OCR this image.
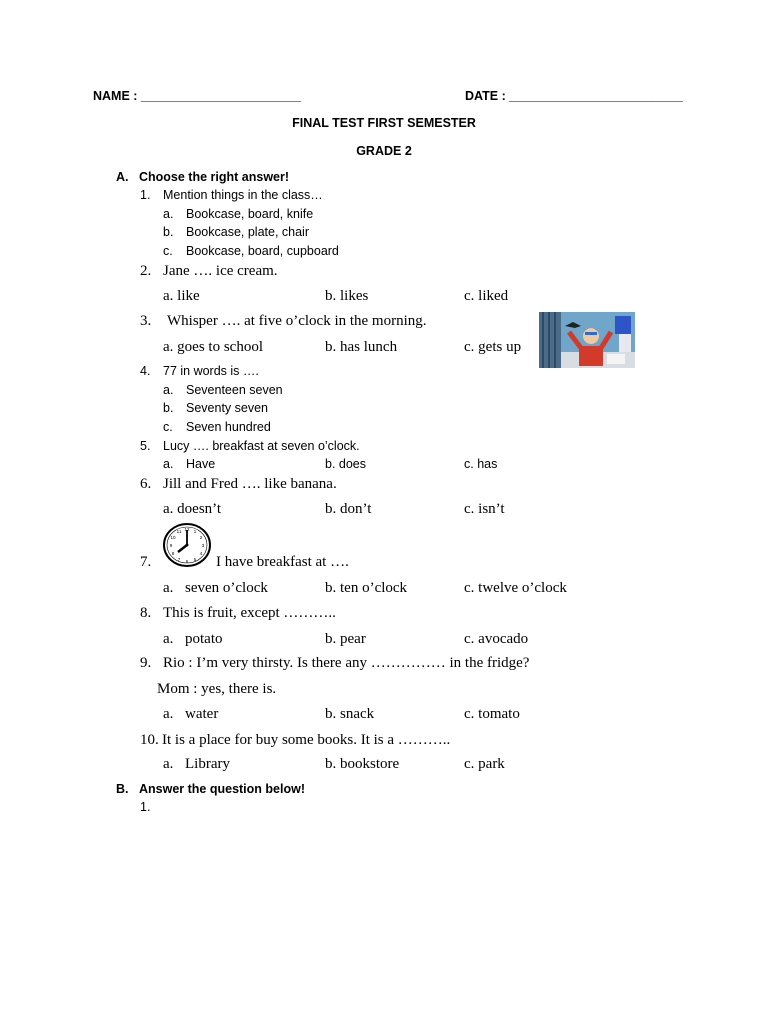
NAME : _______________________	DATE : _________________________
FINAL TEST FIRST SEMESTER
GRADE 2
A. Choose the right answer!
1. Mention things in the class…
a. Bookcase, board, knife
b. Bookcase, plate, chair
c. Bookcase, board, cupboard
2. Jane …. ice cream.
a. like	b. likes	c. liked
3. Whisper …. at five o’clock in the morning.
a. goes to school	b. has lunch	c. gets up
4. 77 in words is ….
a. Seventeen seven
b. Seventy seven
c. Seven hundred
5. Lucy …. breakfast at seven o’clock.
a. Have	b. does	c. has
6. Jill and Fred …. like banana.
a. doesn’t	b. don’t	c. isn’t
7.
12 1
2
3
4
5
6
7
8
9
10
11
I have breakfast at ….
a. seven o’clock	b. ten o’clock	c. twelve o’clock
8. This is fruit, except ………..
a. potato	b. pear	c. avocado
9. Rio : I’m very thirsty. Is there any …………… in the fridge?
Mom : yes, there is.
a. water	b. snack	c. tomato
10. It is a place for buy some books. It is a ………..
a. Library	b. bookstore	c. park
B. Answer the question below!
1.
